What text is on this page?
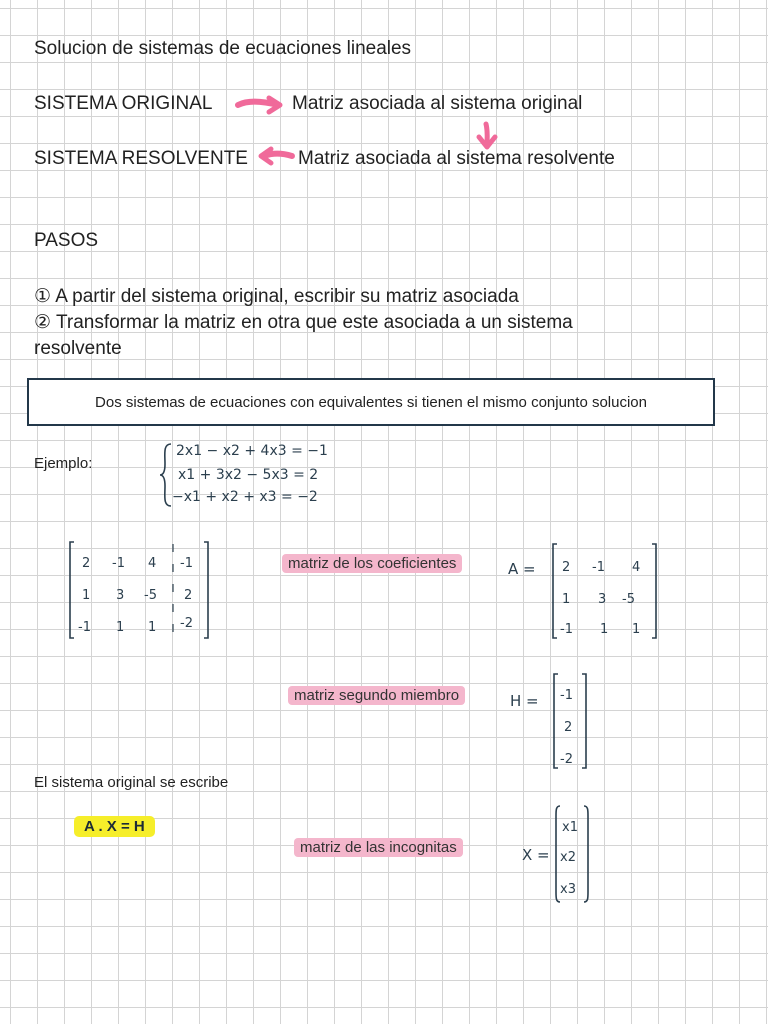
Solucion de sistemas de ecuaciones lineales
SISTEMA ORIGINAL	Matriz asociada al sistema original
SISTEMA RESOLVENTE	Matriz asociada al sistema resolvente
PASOS
① A partir del sistema original, escribir su matriz asociada
② Transformar la matriz en otra que este asociada a un sistema
resolvente
Dos sistemas de ecuaciones con equivalentes si tienen el mismo conjunto solucion
Ejemplo:
2x1 − x2 + 4x3 = −1
x1 + 3x2 − 5x3 = 2
−x1 + x2 + x3 = −2
2 -1 4 -1
1 3 -5 2
-1 1 1 -2
matriz de los coeficientes	A = 2 -1 4
1 3 -5
-1 1 1
matriz segundo miembro	H = -1
2
-2
El sistema original se escribe
A . X = H
matriz de las incognitas	X =
x1
x2
x3
